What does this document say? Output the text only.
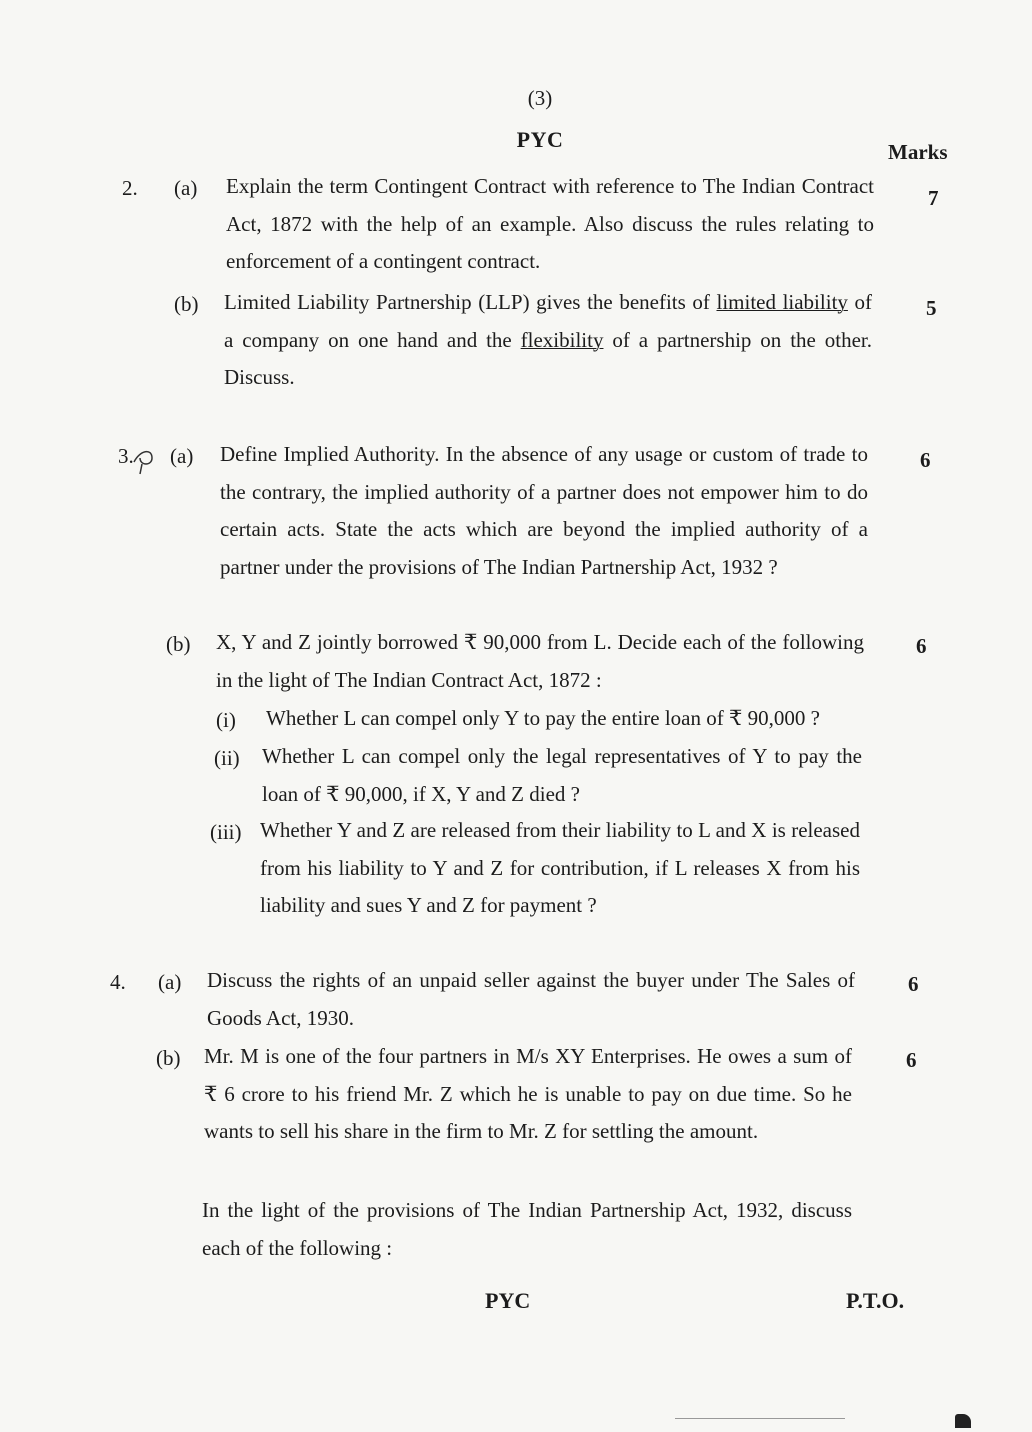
(3)
PYC	Marks
2. (a) Explain the term Contingent Contract with reference to The Indian Contract Act, 1872 with the help of an example. Also discuss the rules relating to enforcement of a contingent contract.
7
(b) Limited Liability Partnership (LLP) gives the benefits of limited liability of a company on one hand and the flexibility of a partnership on the other. Discuss.
5
3. (a) Define Implied Authority. In the absence of any usage or custom of trade to the contrary, the implied authority of a partner does not empower him to do certain acts. State the acts which are beyond the implied authority of a partner under the provisions of The Indian Partnership Act, 1932 ?
6
(b) X, Y and Z jointly borrowed ₹ 90,000 from L. Decide each of the following in the light of The Indian Contract Act, 1872 :
6
(i) Whether L can compel only Y to pay the entire loan of ₹ 90,000 ?
(ii) Whether L can compel only the legal representatives of Y to pay the loan of ₹ 90,000, if X, Y and Z died ?
(iii) Whether Y and Z are released from their liability to L and X is released from his liability to Y and Z for contribution, if L releases X from his liability and sues Y and Z for payment ?
4. (a) Discuss the rights of an unpaid seller against the buyer under The Sales of Goods Act, 1930.
6
(b) Mr. M is one of the four partners in M/s XY Enterprises. He owes a sum of ₹ 6 crore to his friend Mr. Z which he is unable to pay on due time. So he wants to sell his share in the firm to Mr. Z for settling the amount.
6
In the light of the provisions of The Indian Partnership Act, 1932, discuss each of the following :
PYC	P.T.O.
